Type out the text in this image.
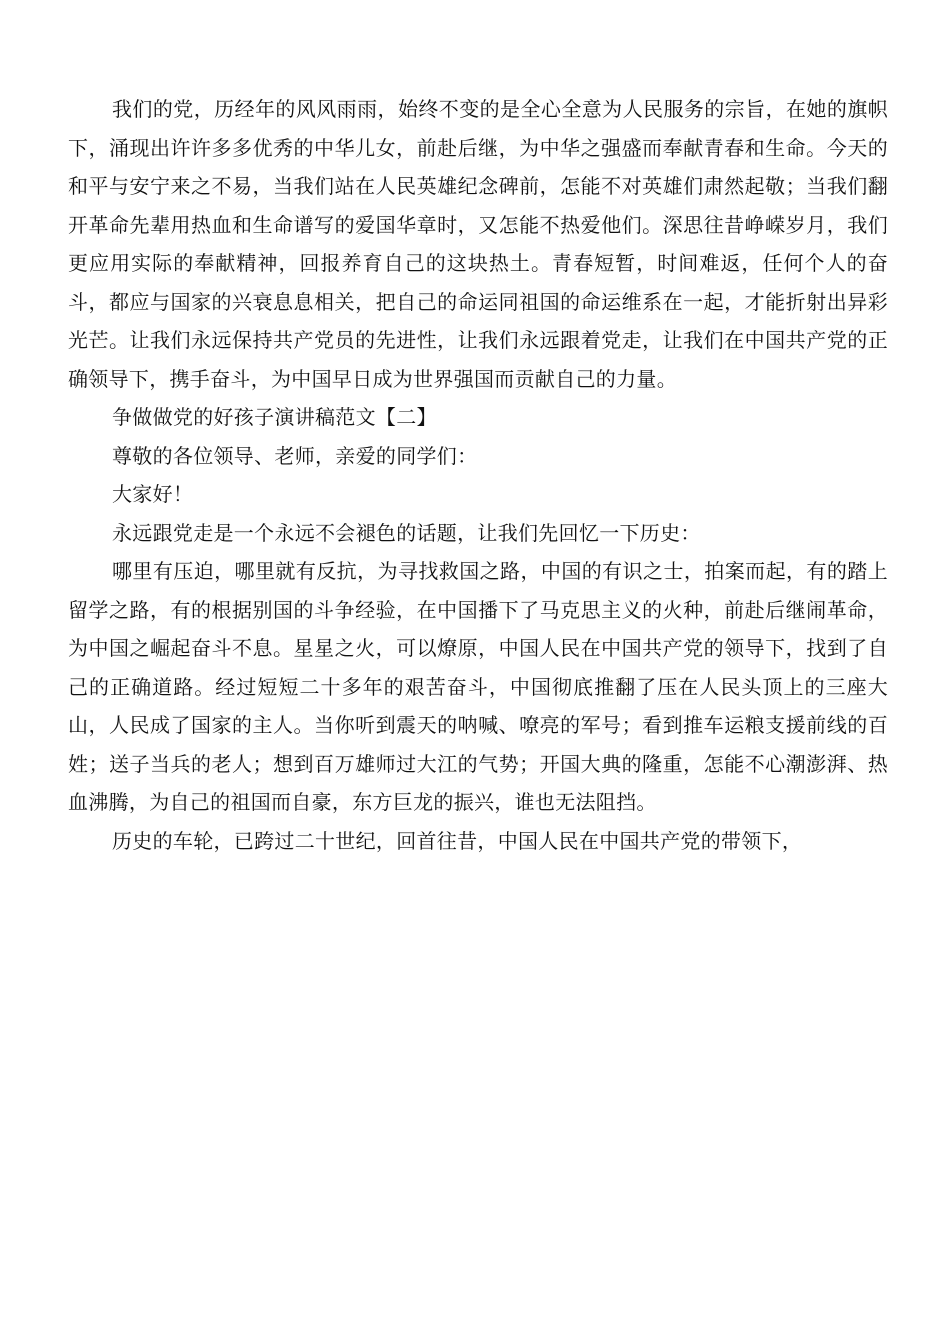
我们的党，历经年的风风雨雨，始终不变的是全心全意为人民服务的宗旨，在她的旗帜下，涌现出许许多多优秀的中华儿女，前赴后继，为中华之强盛而奉献青春和生命。今天的和平与安宁来之不易，当我们站在人民英雄纪念碑前，怎能不对英雄们肃然起敬；当我们翻开革命先辈用热血和生命谱写的爱国华章时，又怎能不热爱他们。深思往昔峥嵘岁月，我们更应用实际的奉献精神，回报养育自己的这块热土。青春短暂，时间难返，任何个人的奋斗，都应与国家的兴衰息息相关，把自己的命运同祖国的命运维系在一起，才能折射出异彩光芒。让我们永远保持共产党员的先进性，让我们永远跟着党走，让我们在中国共产党的正确领导下，携手奋斗，为中国早日成为世界强国而贡献自己的力量。

争做做党的好孩子演讲稿范文【二】

尊敬的各位领导、老师，亲爱的同学们：

大家好！

永远跟党走是一个永远不会褪色的话题，让我们先回忆一下历史：

哪里有压迫，哪里就有反抗，为寻找救国之路，中国的有识之士，拍案而起，有的踏上留学之路，有的根据别国的斗争经验，在中国播下了马克思主义的火种，前赴后继闹革命，为中国之崛起奋斗不息。星星之火，可以燎原，中国人民在中国共产党的领导下，找到了自己的正确道路。经过短短二十多年的艰苦奋斗，中国彻底推翻了压在人民头顶上的三座大山，人民成了国家的主人。当你听到震天的呐喊、嘹亮的军号；看到推车运粮支援前线的百姓；送子当兵的老人；想到百万雄师过大江的气势；开国大典的隆重，怎能不心潮澎湃、热血沸腾，为自己的祖国而自豪，东方巨龙的振兴，谁也无法阻挡。

历史的车轮，已跨过二十世纪，回首往昔，中国人民在中国共产党的带领下，
